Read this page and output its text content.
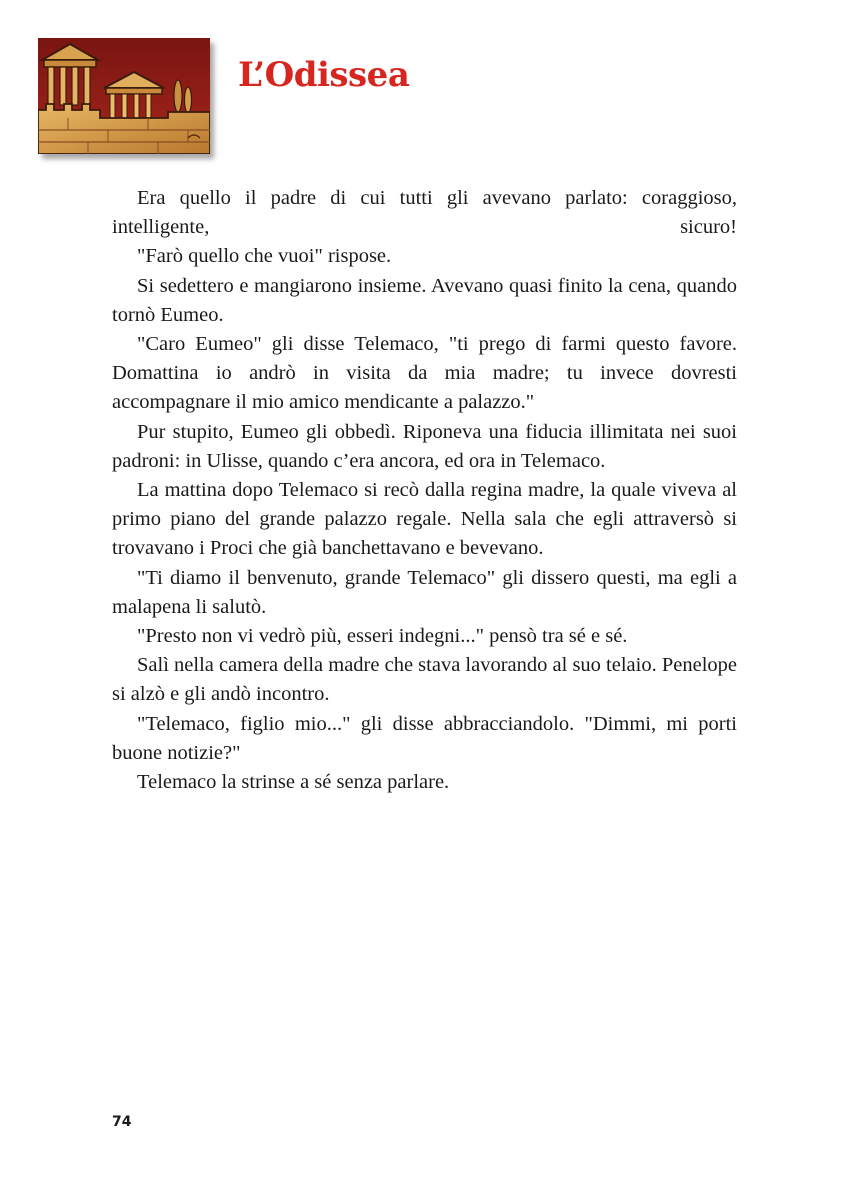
L’Odissea

Era quello il padre di cui tutti gli avevano parlato: coraggioso, intelligente, sicuro!

"Farò quello che vuoi" rispose.

Si sedettero e mangiarono insieme. Avevano quasi finito la cena, quando tornò Eumeo.

"Caro Eumeo" gli disse Telemaco, "ti prego di farmi questo favore. Domattina io andrò in visita da mia madre; tu invece dovresti accompagnare il mio amico mendicante a palazzo."

Pur stupito, Eumeo gli obbedì. Riponeva una fiducia illimitata nei suoi padroni: in Ulisse, quando c’era ancora, ed ora in Telemaco.

La mattina dopo Telemaco si recò dalla regina madre, la quale viveva al primo piano del grande palazzo regale. Nella sala che egli attraversò si trovavano i Proci che già banchettavano e bevevano.

"Ti diamo il benvenuto, grande Telemaco" gli dissero questi, ma egli a malapena li salutò.

"Presto non vi vedrò più, esseri indegni..." pensò tra sé e sé.

Salì nella camera della madre che stava lavorando al suo telaio. Penelope si alzò e gli andò incontro.

"Telemaco, figlio mio..." gli disse abbracciandolo. "Dimmi, mi porti buone notizie?"

Telemaco la strinse a sé senza parlare.

74
